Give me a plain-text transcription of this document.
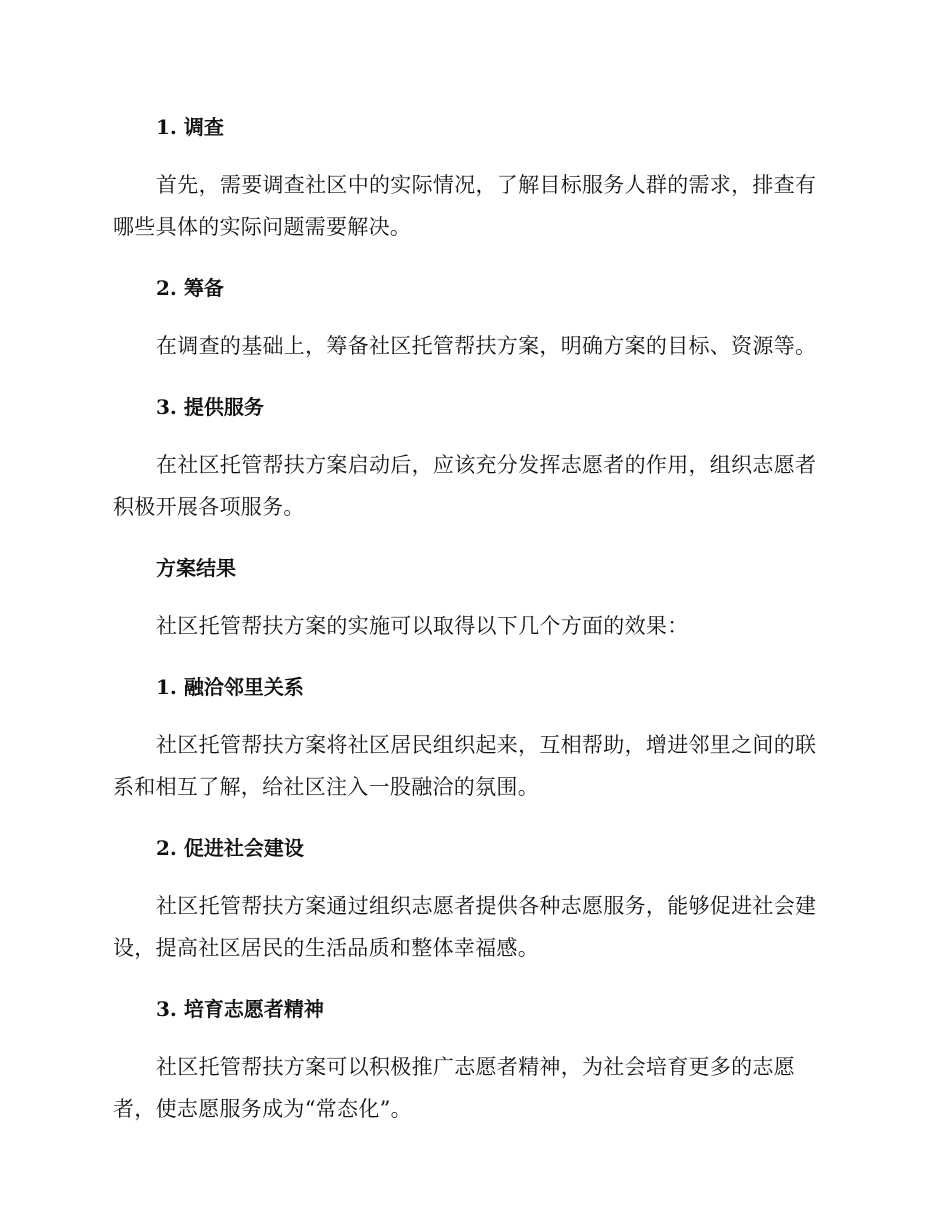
1. 调查

首先，需要调查社区中的实际情况，了解目标服务人群的需求，排查有哪些具体的实际问题需要解决。

2. 筹备

在调查的基础上，筹备社区托管帮扶方案，明确方案的目标、资源等。

3. 提供服务

在社区托管帮扶方案启动后，应该充分发挥志愿者的作用，组织志愿者积极开展各项服务。

方案结果

社区托管帮扶方案的实施可以取得以下几个方面的效果：

1. 融洽邻里关系

社区托管帮扶方案将社区居民组织起来，互相帮助，增进邻里之间的联系和相互了解，给社区注入一股融洽的氛围。

2. 促进社会建设

社区托管帮扶方案通过组织志愿者提供各种志愿服务，能够促进社会建设，提高社区居民的生活品质和整体幸福感。

3. 培育志愿者精神

社区托管帮扶方案可以积极推广志愿者精神，为社会培育更多的志愿者，使志愿服务成为“常态化”。
